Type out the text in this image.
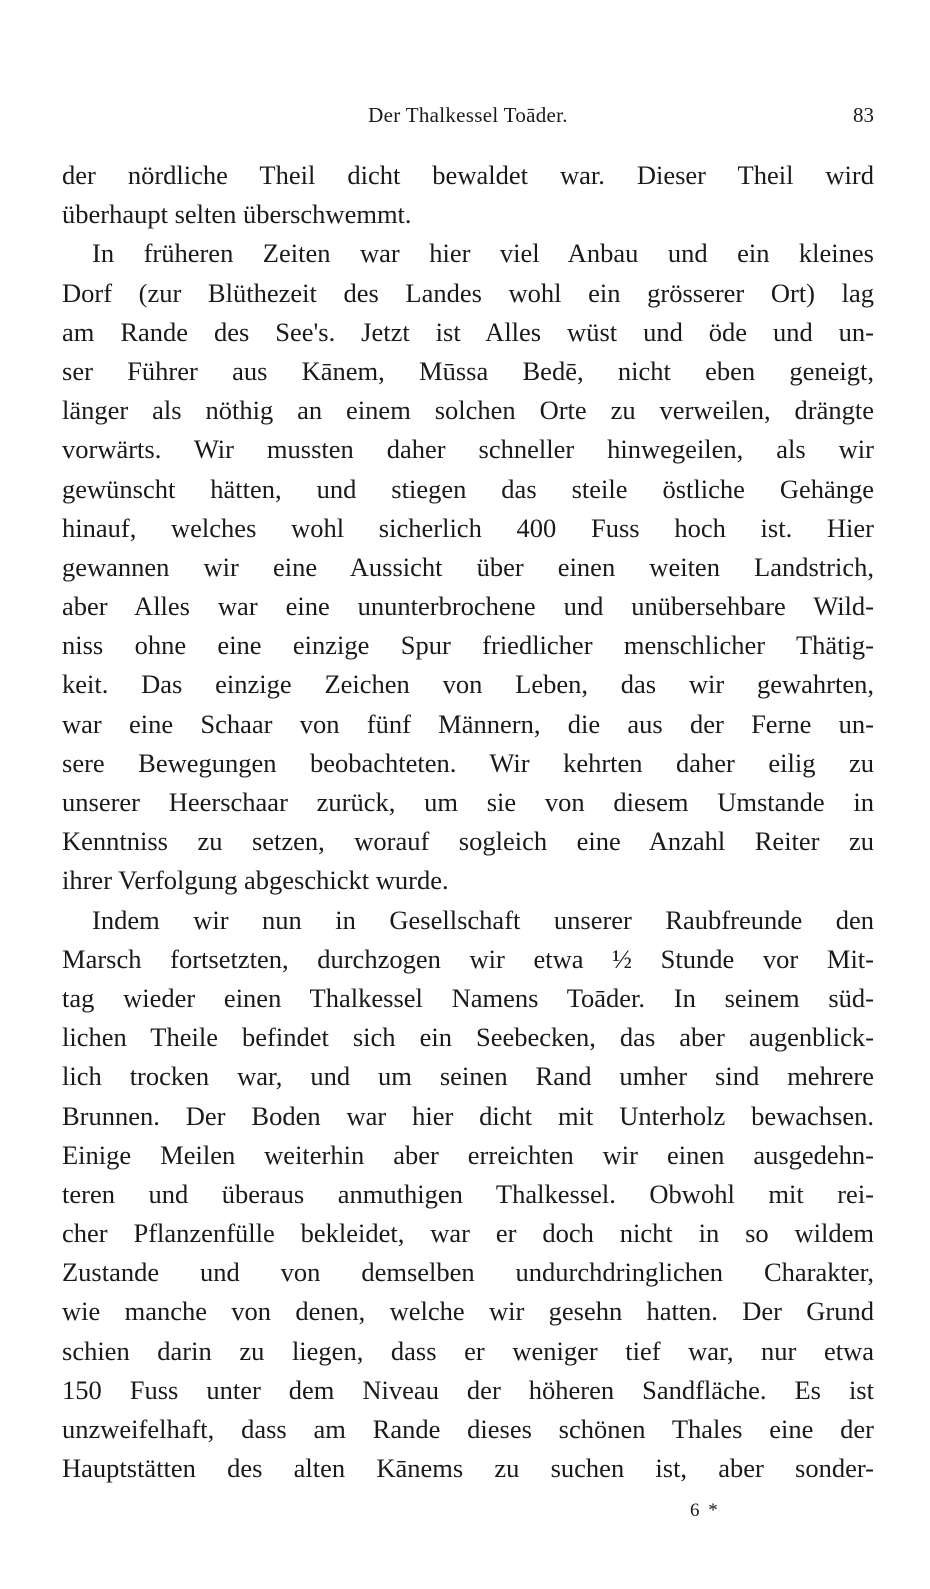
Der Thalkessel Toāder.	83
der nördliche Theil dicht bewaldet war. Dieser Theil wird
überhaupt selten überschwemmt.
In früheren Zeiten war hier viel Anbau und ein kleines
Dorf (zur Blüthezeit des Landes wohl ein grösserer Ort) lag
am Rande des See's. Jetzt ist Alles wüst und öde und un-
ser Führer aus Kānem, Mūssa Bedē, nicht eben geneigt,
länger als nöthig an einem solchen Orte zu verweilen, drängte
vorwärts. Wir mussten daher schneller hinwegeilen, als wir
gewünscht hätten, und stiegen das steile östliche Gehänge
hinauf, welches wohl sicherlich 400 Fuss hoch ist. Hier
gewannen wir eine Aussicht über einen weiten Landstrich,
aber Alles war eine ununterbrochene und unübersehbare Wild-
niss ohne eine einzige Spur friedlicher menschlicher Thätig-
keit. Das einzige Zeichen von Leben, das wir gewahrten,
war eine Schaar von fünf Männern, die aus der Ferne un-
sere Bewegungen beobachteten. Wir kehrten daher eilig zu
unserer Heerschaar zurück, um sie von diesem Umstande in
Kenntniss zu setzen, worauf sogleich eine Anzahl Reiter zu
ihrer Verfolgung abgeschickt wurde.
Indem wir nun in Gesellschaft unserer Raubfreunde den
Marsch fortsetzten, durchzogen wir etwa ½ Stunde vor Mit-
tag wieder einen Thalkessel Namens Toāder. In seinem süd-
lichen Theile befindet sich ein Seebecken, das aber augenblick-
lich trocken war, und um seinen Rand umher sind mehrere
Brunnen. Der Boden war hier dicht mit Unterholz bewachsen.
Einige Meilen weiterhin aber erreichten wir einen ausgedehn-
teren und überaus anmuthigen Thalkessel. Obwohl mit rei-
cher Pflanzenfülle bekleidet, war er doch nicht in so wildem
Zustande und von demselben undurchdringlichen Charakter,
wie manche von denen, welche wir gesehn hatten. Der Grund
schien darin zu liegen, dass er weniger tief war, nur etwa
150 Fuss unter dem Niveau der höheren Sandfläche. Es ist
unzweifelhaft, dass am Rande dieses schönen Thales eine der
Hauptstätten des alten Kānems zu suchen ist, aber sonder-
6 *
